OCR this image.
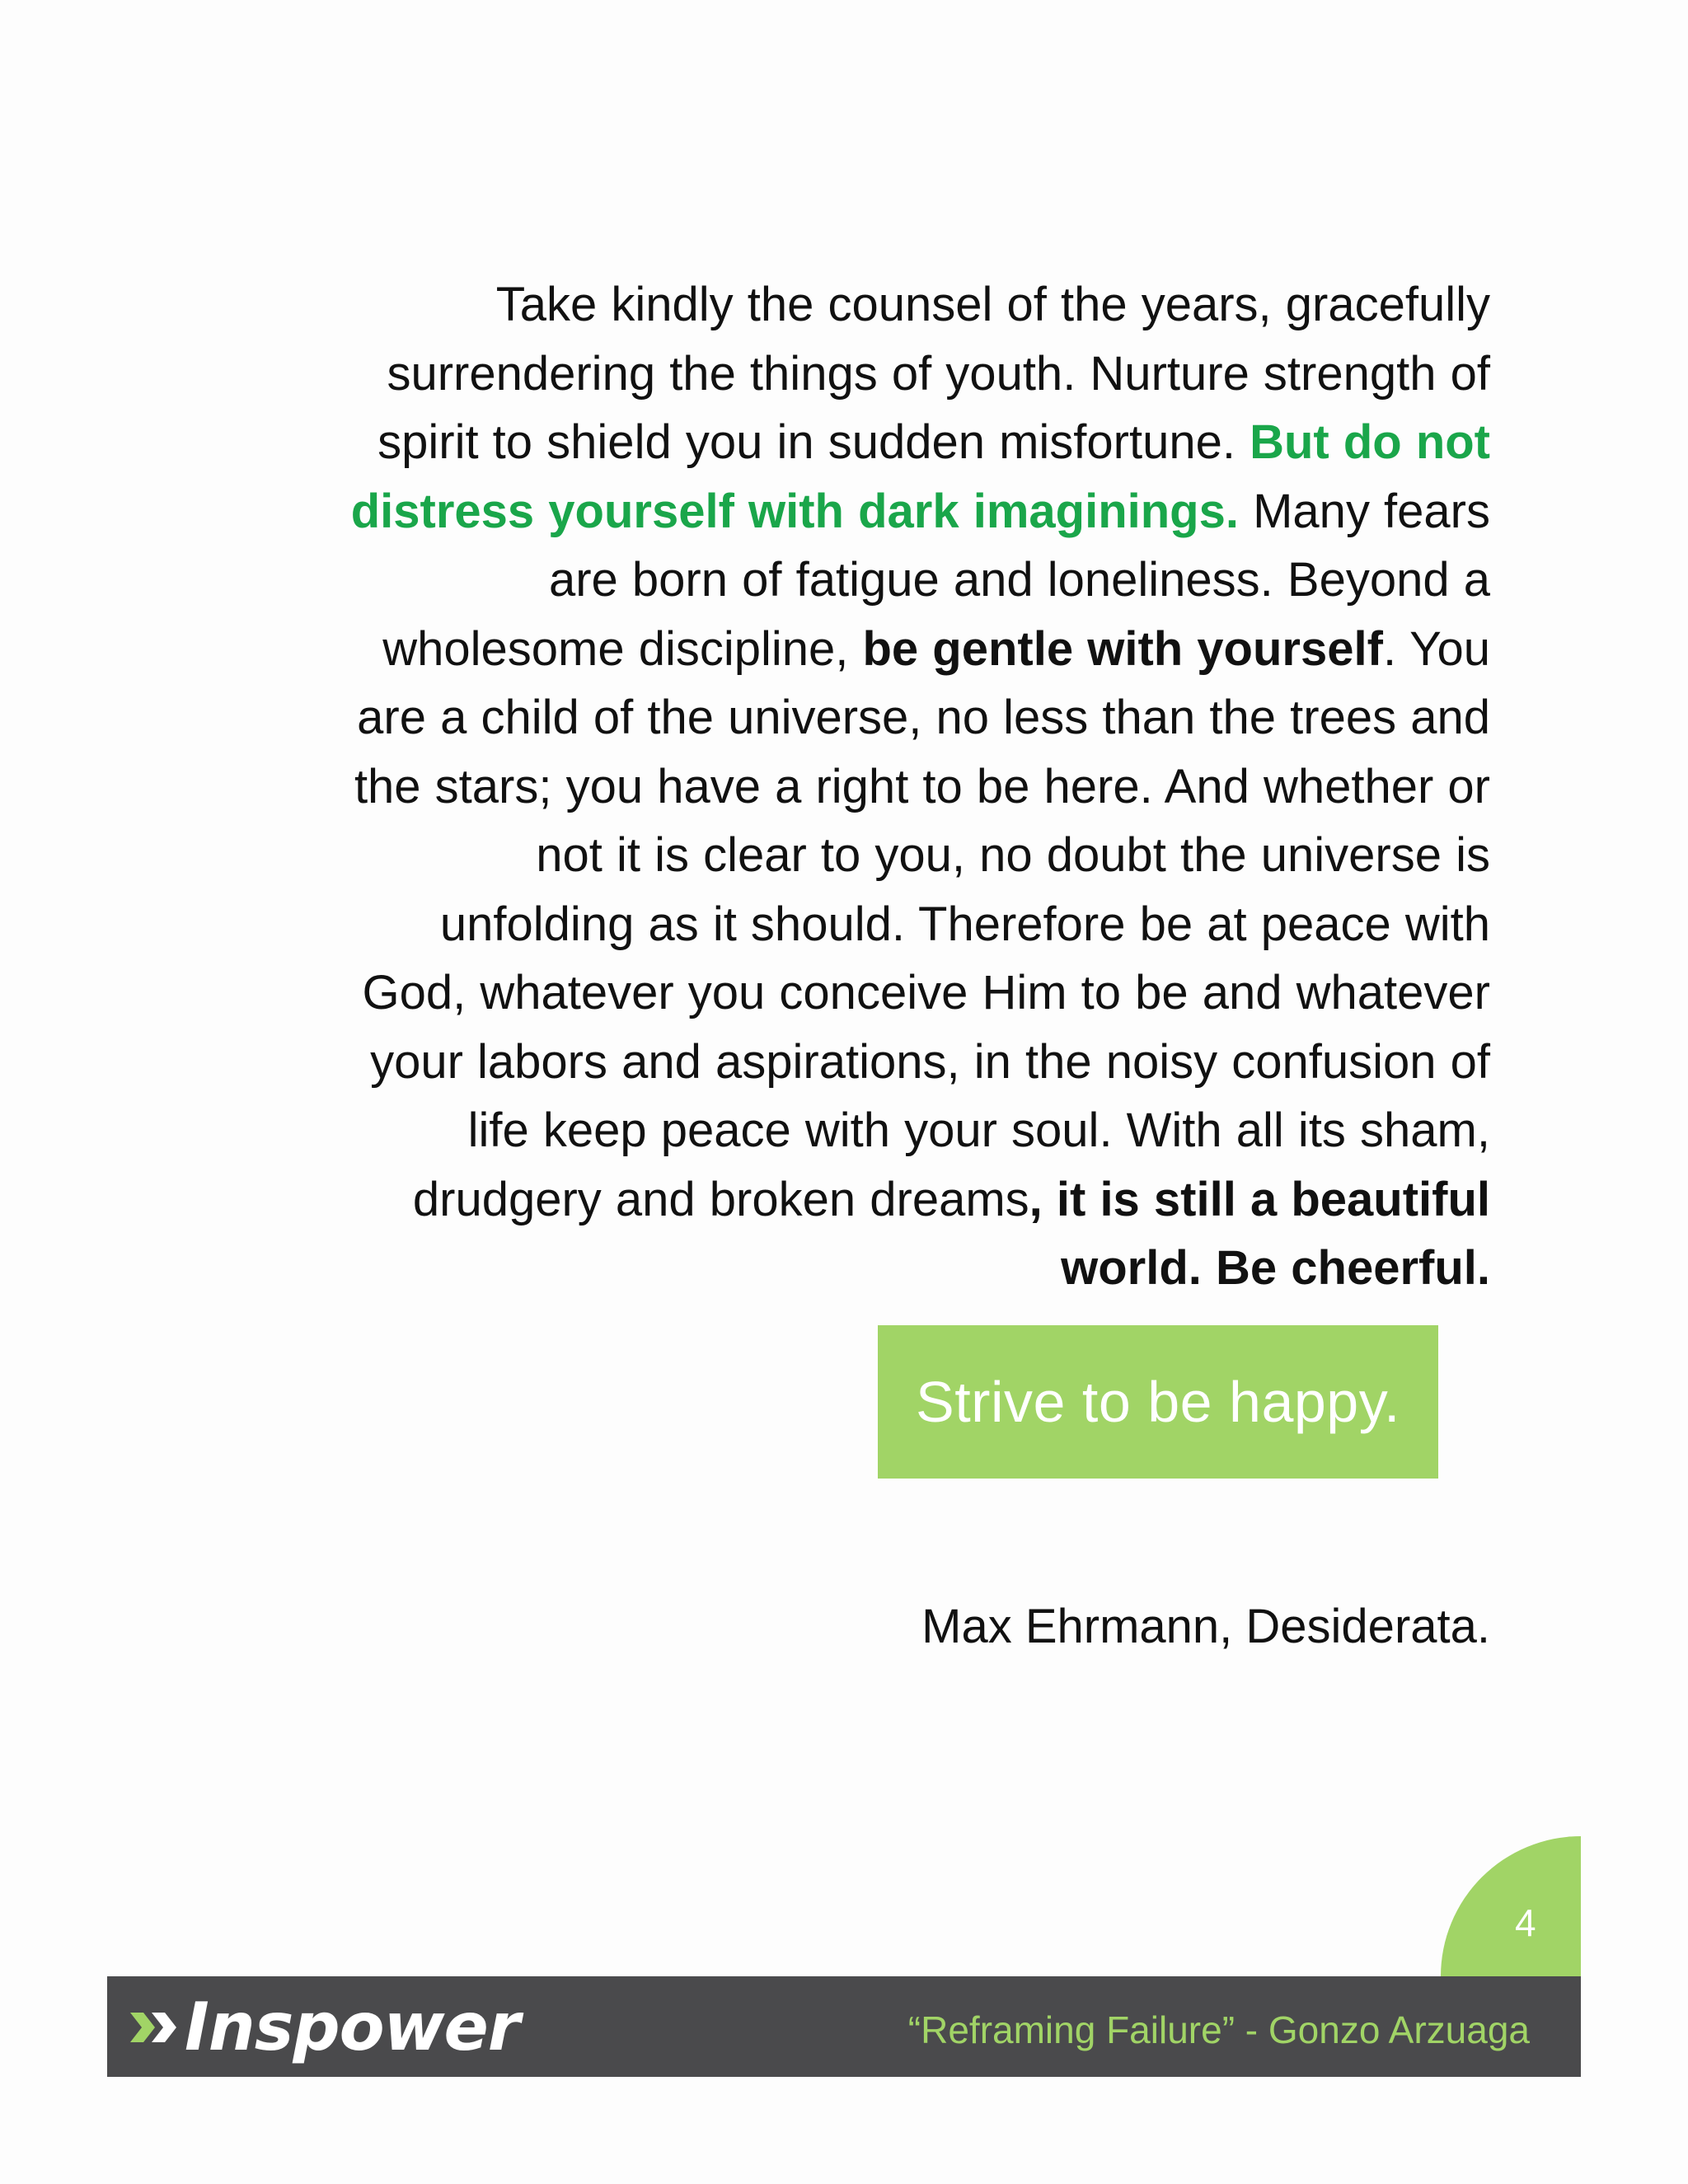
Take kindly the counsel of the years, gracefully
surrendering the things of youth. Nurture strength of
spirit to shield you in sudden misfortune. But do not
distress yourself with dark imaginings. Many fears
are born of fatigue and loneliness. Beyond a
wholesome discipline, be gentle with yourself. You
are a child of the universe, no less than the trees and
the stars; you have a right to be here. And whether or
not it is clear to you, no doubt the universe is
unfolding as it should. Therefore be at peace with
God, whatever you conceive Him to be and whatever
your labors and aspirations, in the noisy confusion of
life keep peace with your soul. With all its sham,
drudgery and broken dreams, it is still a beautiful
world. Be cheerful.
Strive to be happy.
Max Ehrmann, Desiderata.
4
Inspower	“Reframing Failure” - Gonzo Arzuaga
